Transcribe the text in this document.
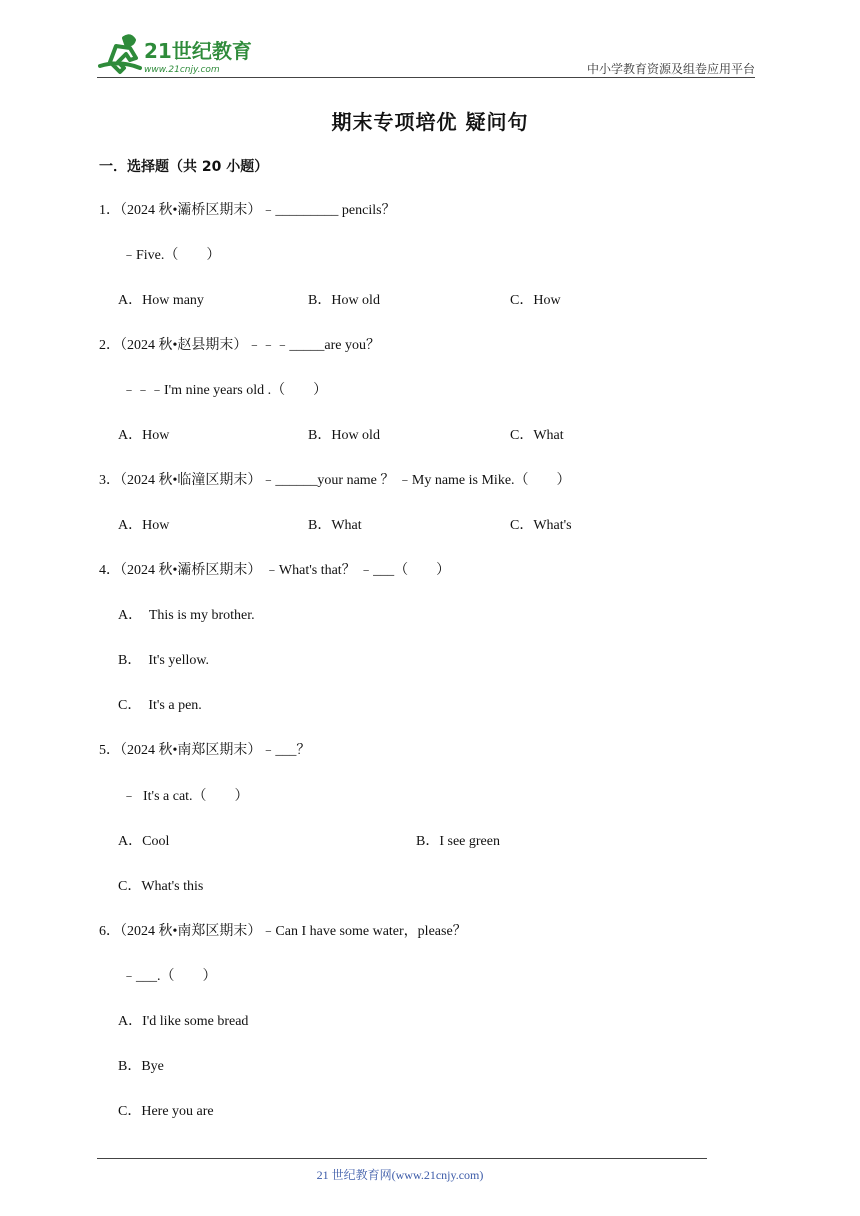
21世纪教育
www.21cnjy.com	中小学教育资源及组卷应用平台
期末专项培优 疑问句
一．选择题（共 20 小题）
1．（2024 秋•灞桥区期末）﹣_________ pencils？
﹣Five.（　　）
A．How many	B．How old	C．How
2．（2024 秋•赵县期末）﹣﹣﹣_____are you？
﹣﹣﹣I'm nine years old .（　　）
A．How	B．How old	C．What
3．（2024 秋•临潼区期末）﹣______your name ？ ﹣My name is Mike.（　　）
A．How	B．What	C．What's
4．（2024 秋•灞桥区期末） ﹣What's that？ ﹣___（　　）
A．  This is my brother.
B．  It's yellow.
C．  It's a pen.
5．（2024 秋•南郑区期末）﹣___？
﹣  It's a cat.（　　）
A．Cool	B．I see green
C．What's this
6．（2024 秋•南郑区期末）﹣Can I have some water，please？
﹣___.（　　）
A．I'd like some bread
B．Bye
C．Here you are
21 世纪教育网(www.21cnjy.com)
